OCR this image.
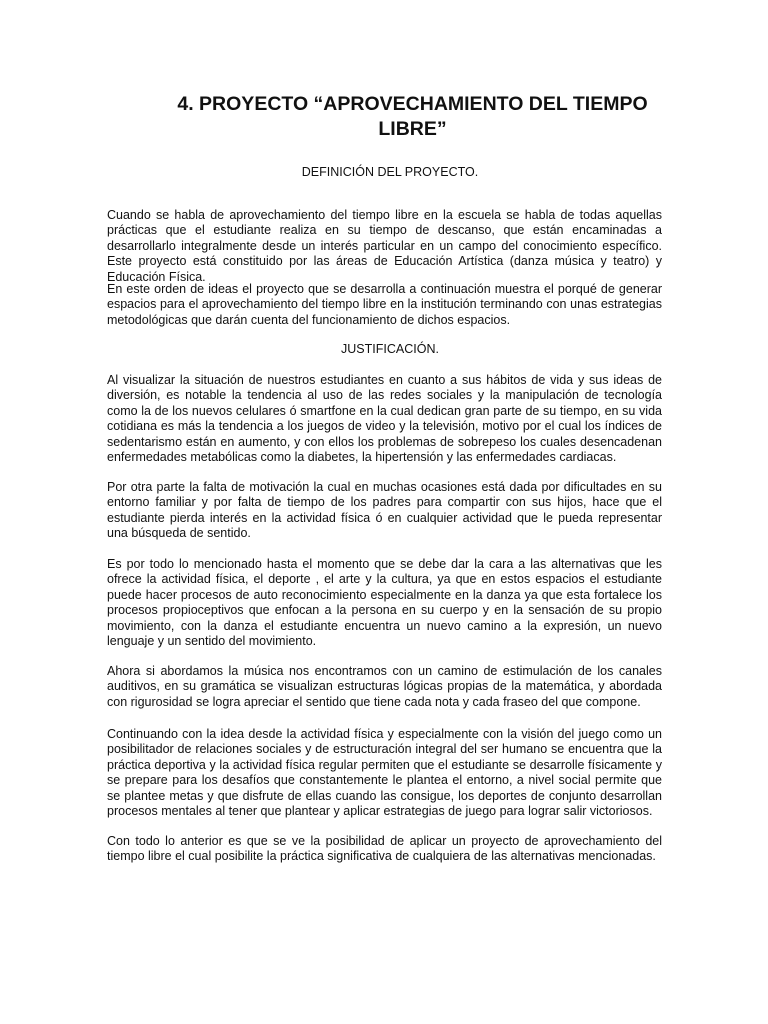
4. PROYECTO “APROVECHAMIENTO DEL TIEMPO LIBRE”
DEFINICIÓN DEL PROYECTO.

Cuando se habla de aprovechamiento del tiempo libre en la escuela se habla de todas aquellas prácticas que el estudiante realiza en su tiempo de descanso, que están encaminadas a desarrollarlo integralmente desde un interés particular en un campo del conocimiento específico. Este proyecto está constituido por las áreas de Educación Artística (danza música y teatro) y Educación Física.

En este orden de ideas el proyecto que se desarrolla a continuación muestra el porqué de generar espacios para el aprovechamiento del tiempo libre en la institución terminando con unas estrategias metodológicas que darán cuenta del funcionamiento de dichos espacios.

JUSTIFICACIÓN.

Al visualizar la situación de nuestros estudiantes en cuanto a sus hábitos de vida y sus ideas de diversión, es notable la tendencia al uso de las redes sociales y la manipulación de tecnología como la de los nuevos celulares ó smartfone en la cual dedican gran parte de su tiempo, en su vida cotidiana es más la tendencia a los juegos de video y la televisión, motivo por el cual los índices de sedentarismo están en aumento, y con ellos los problemas de sobrepeso los cuales desencadenan enfermedades metabólicas como la diabetes, la hipertensión y las enfermedades cardiacas.

Por otra parte la falta de motivación la cual en muchas ocasiones está dada por dificultades en su entorno familiar y por falta de tiempo de los padres para compartir con sus hijos, hace que el estudiante pierda interés en la actividad física ó en cualquier actividad que le pueda representar una búsqueda de sentido.

Es por todo lo mencionado hasta el momento que se debe dar la cara a las alternativas que les ofrece la actividad física, el deporte , el arte y la cultura, ya que en estos espacios el estudiante puede hacer procesos de auto reconocimiento especialmente en la danza ya que esta fortalece los procesos propioceptivos que enfocan a la persona en su cuerpo y en la sensación de su propio movimiento, con la danza el estudiante encuentra un nuevo camino a la expresión, un nuevo lenguaje y un sentido del movimiento.

Ahora si abordamos la música nos encontramos con un camino de estimulación de los canales auditivos, en su gramática se visualizan estructuras lógicas propias de la matemática, y abordada con rigurosidad se logra apreciar el sentido que tiene cada nota y cada fraseo del que compone.

Continuando con la idea desde la actividad física y especialmente con la visión del juego como un posibilitador de relaciones sociales y de estructuración integral del ser humano se encuentra que la práctica deportiva y la actividad física regular permiten que el estudiante se desarrolle físicamente y se prepare para los desafíos que constantemente le plantea el entorno, a nivel social permite que se plantee metas y que disfrute de ellas cuando las consigue, los deportes de conjunto desarrollan procesos mentales al tener que plantear y aplicar estrategias de juego para lograr salir victoriosos.

Con todo lo anterior es que se ve la posibilidad de aplicar un proyecto de aprovechamiento del tiempo libre el cual posibilite la práctica significativa de cualquiera de las alternativas mencionadas.
